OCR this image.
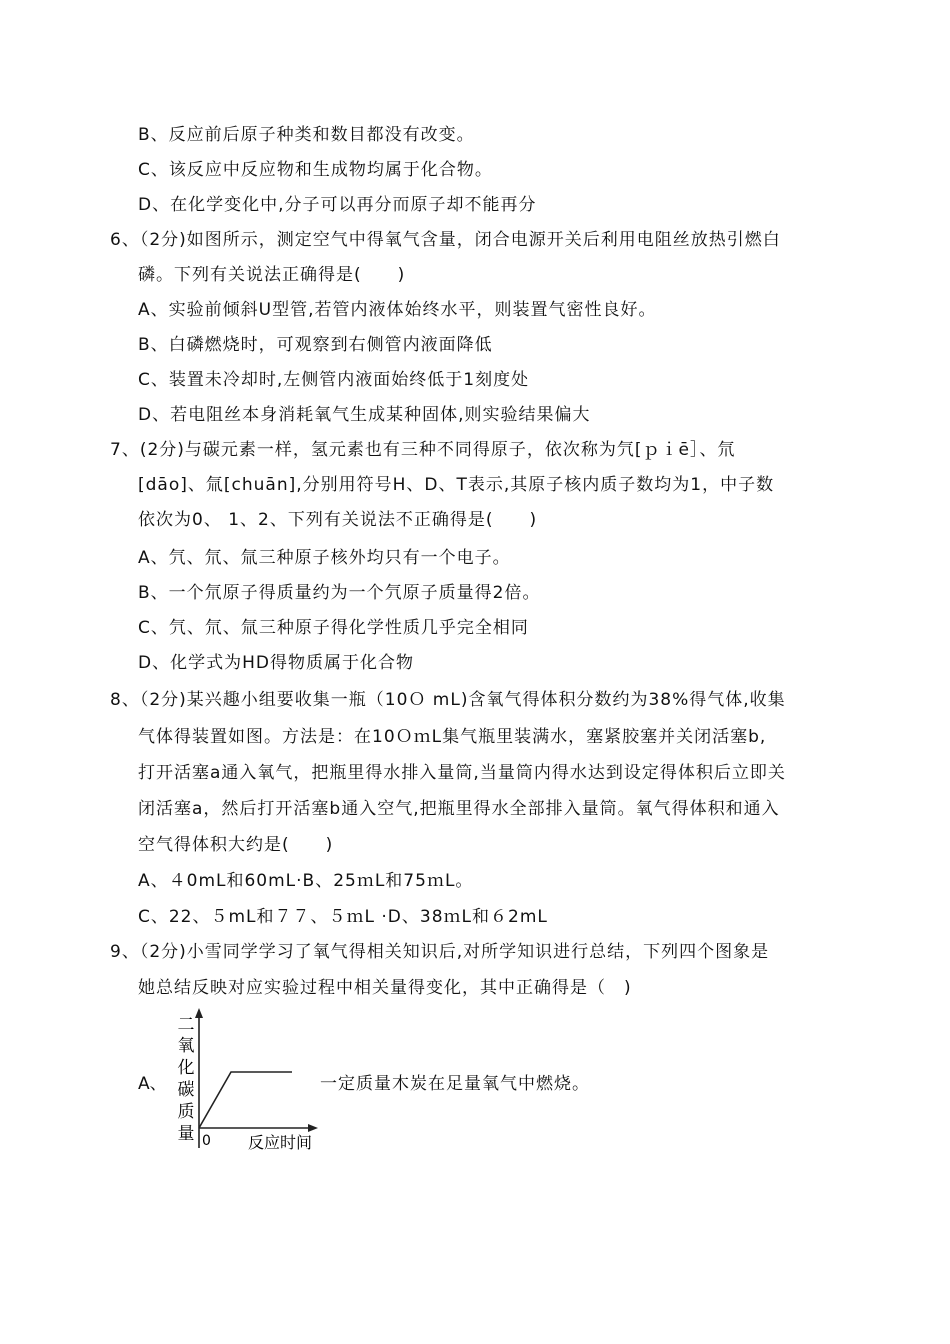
B、反应前后原子种类和数目都没有改变。
C、该反应中反应物和生成物均属于化合物。
D、在化学变化中,分子可以再分而原子却不能再分
6、（2分)如图所示，测定空气中得氧气含量，闭合电源开关后利用电阻丝放热引燃白
磷。下列有关说法正确得是(　　)
A、实验前倾斜U型管,若管内液体始终水平，则装置气密性良好。
B、白磷燃烧时，可观察到右侧管内液面降低
C、装置未冷却时,左侧管内液面始终低于1刻度处
D、若电阻丝本身消耗氧气生成某种固体,则实验结果偏大
7、(2分)与碳元素一样，氢元素也有三种不同得原子，依次称为氕[ｐｉē］、氘
[dāo]、氚[chuān],分别用符号H、D、T表示,其原子核内质子数均为1，中子数
依次为0、 1、2、下列有关说法不正确得是(　　)
A、氕、氘、氚三种原子核外均只有一个电子。
B、一个氘原子得质量约为一个氕原子质量得2倍。
C、氕、氘、氚三种原子得化学性质几乎完全相同
D、化学式为HD得物质属于化合物
8、（2分)某兴趣小组要收集一瓶（10Ｏ mL)含氧气得体积分数约为38%得气体,收集
气体得装置如图。方法是：在10ＯｍL集气瓶里装满水，塞紧胶塞并关闭活塞b,
打开活塞a通入氧气，把瓶里得水排入量筒,当量筒内得水达到设定得体积后立即关
闭活塞a，然后打开活塞b通入空气,把瓶里得水全部排入量筒。氧气得体积和通入
空气得体积大约是(　　)
A、４0mL和60mL·B、25ｍL和75ｍL。
C、22、５mL和７７、５ｍL ·D、38ｍL和６2mL
9、（2分)小雪同学学习了氧气得相关知识后,对所学知识进行总结，下列四个图象是
她总结反映对应实验过程中相关量得变化，其中正确得是（　)
A、
二
氧
化
碳
质
量 0 反应时间
一定质量木炭在足量氧气中燃烧。
